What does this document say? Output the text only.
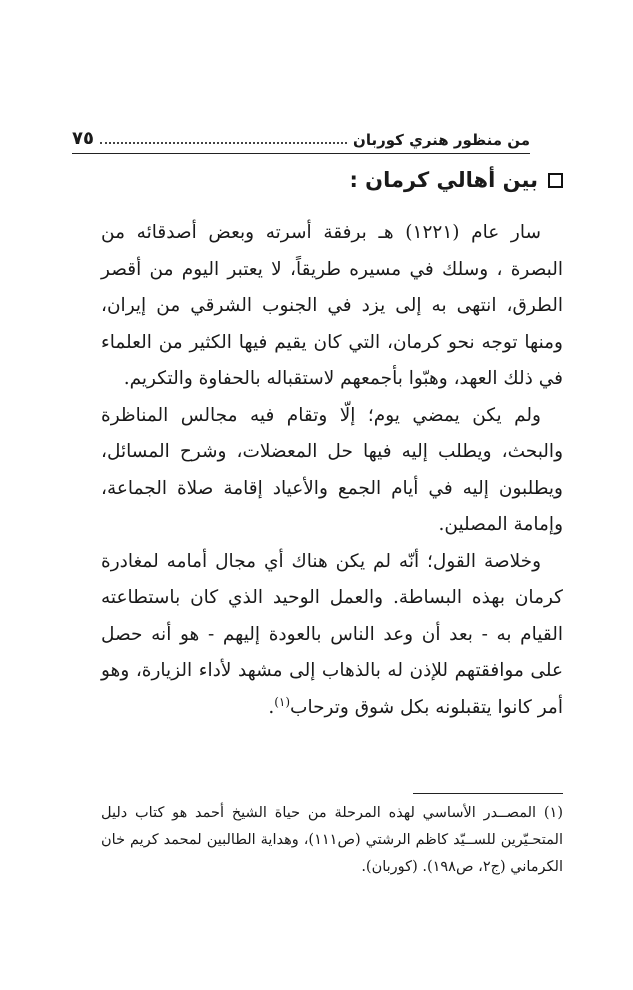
من منظور هنري كوربان
٧٥
بين أهالي كرمان :

سار عام (١٢٢١) هـ برفقة أسرته وبعض أصدقائه من البصرة ، وسلك في مسيره طريقاً، لا يعتبر اليوم من أقصر الطرق، انتهى به إلى يزد في الجنوب الشرقي من إيران، ومنها توجه نحو كرمان، التي كان يقيم فيها الكثير من العلماء في ذلك العهد، وهبّوا بأجمعهم لاستقباله بالحفاوة والتكريم.

ولم يكن يمضي يوم؛ إلّا وتقام فيه مجالس المناظرة والبحث، ويطلب إليه فيها حل المعضلات، وشرح المسائل، ويطلبون إليه في أيام الجمع والأعياد إقامة صلاة الجماعة، وإمامة المصلين.

وخلاصة القول؛ أنّه لم يكن هناك أي مجال أمامه لمغادرة كرمان بهذه البساطة. والعمل الوحيد الذي كان باستطاعته القيام به - بعد أن وعد الناس بالعودة إليهم - هو أنه حصل على موافقتهم للإذن له بالذهاب إلى مشهد لأداء الزيارة، وهو أمر كانوا يتقبلونه بكل شوق وترحاب$^{(١)}$.

(١) المصــدر الأساسي لهذه المرحلة من حياة الشيخ أحمد هو كتاب دليل المتحـيّرين للســيّد كاظم الرشتي (ص١١١)، وهداية الطالبين لمحمد كريم خان الكرماني (ج٢، ص١٩٨). (كوربان).
